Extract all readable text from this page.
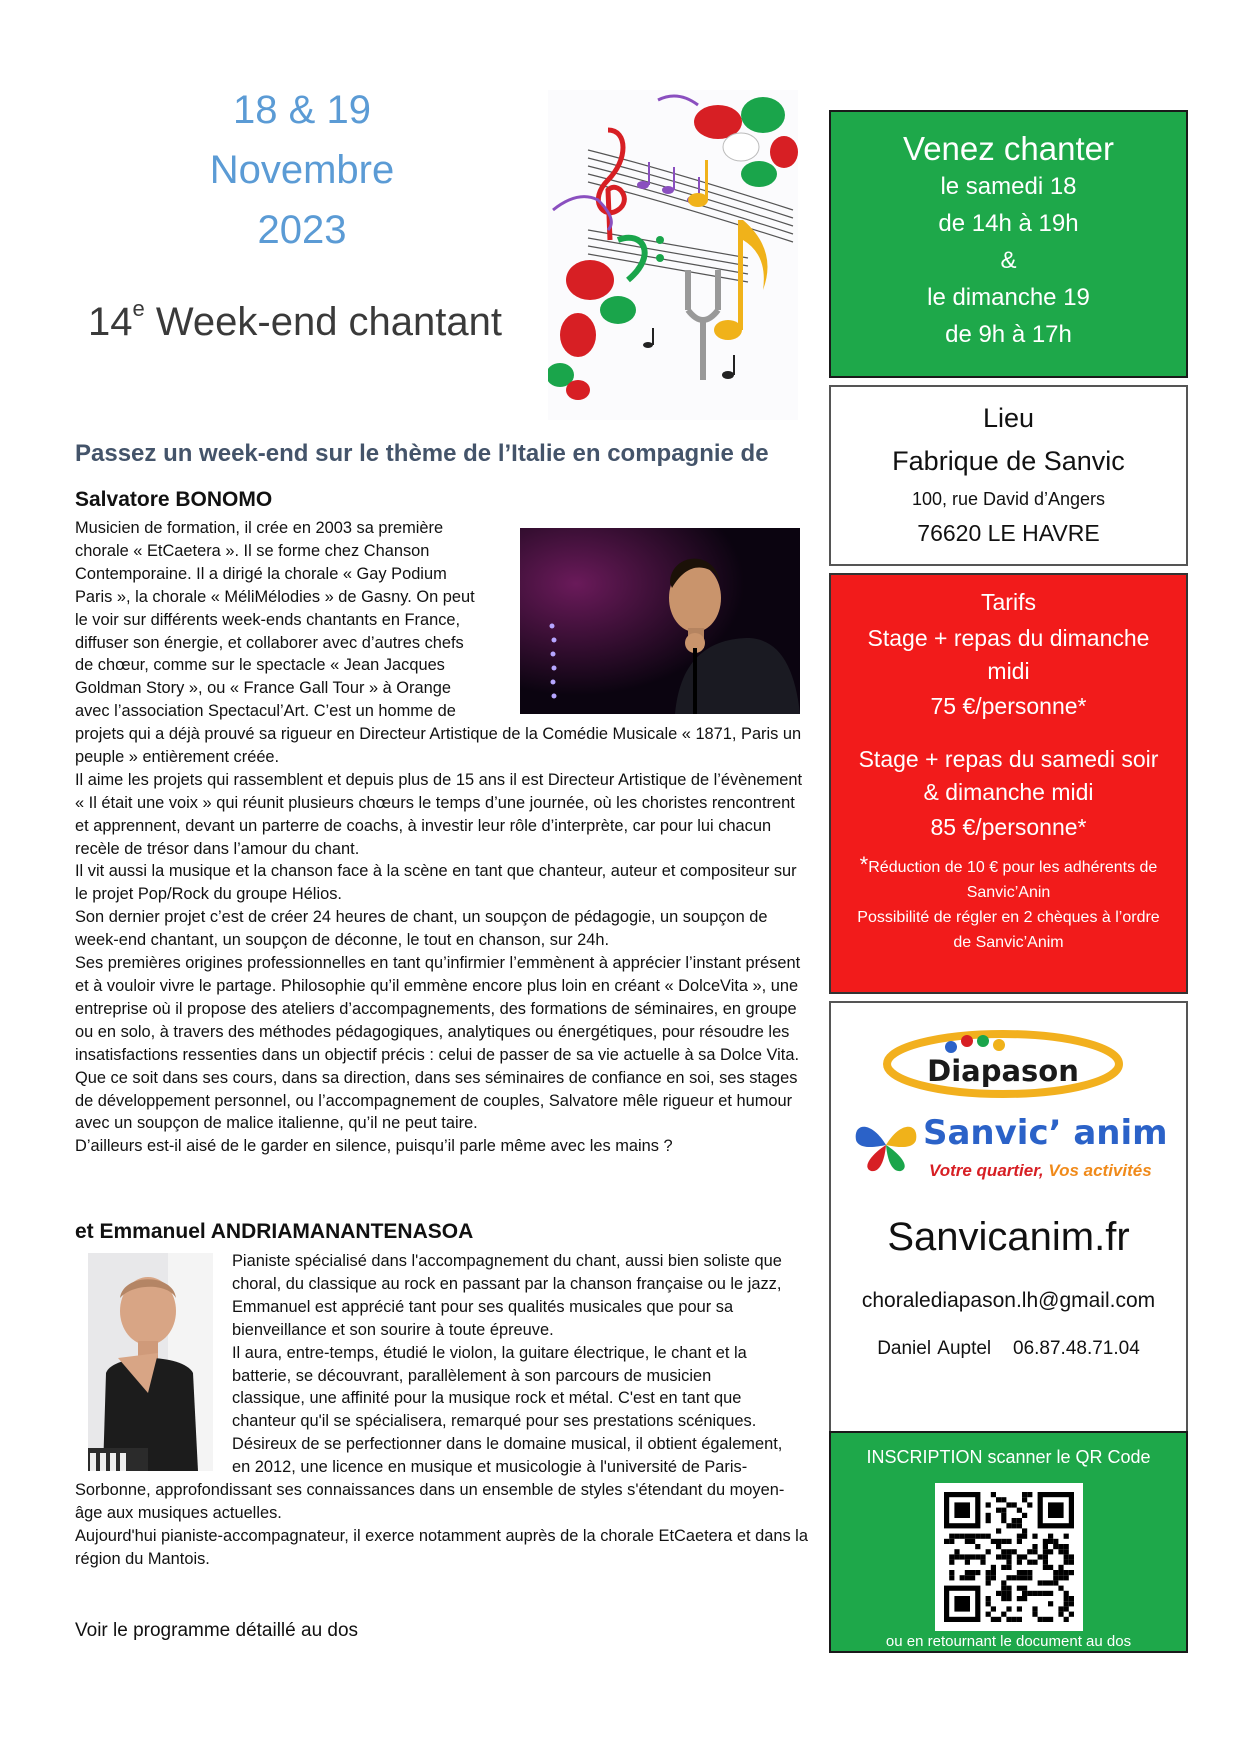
18 & 19
Novembre
2023
14e Week-end chantant
Passez un week-end sur le thème de l’Italie en compagnie de
Salvatore BONOMO
Musicien de formation, il crée en 2003 sa première
chorale « EtCaetera ». Il se forme chez Chanson
Contemporaine. Il a dirigé la chorale « Gay Podium
Paris », la chorale « MéliMélodies » de Gasny. On peut
le voir sur différents week-ends chantants en France,
diffuser son énergie, et collaborer avec d’autres chefs
de chœur, comme sur le spectacle « Jean Jacques
Goldman Story », ou « France Gall Tour » à Orange
avec l’association Spectacul’Art. C’est un homme de

projets qui a déjà prouvé sa rigueur en Directeur Artistique de la Comédie Musicale « 1871, Paris un peuple » entièrement créée.

Il aime les projets qui rassemblent et depuis plus de 15 ans il est Directeur Artistique de l’évènement « Il était une voix » qui réunit plusieurs chœurs le temps d’une journée, où les choristes rencontrent et apprennent, devant un parterre de coachs, à investir leur rôle d’interprète, car pour lui chacun recèle de trésor dans l’amour du chant.

Il vit aussi la musique et la chanson face à la scène en tant que chanteur, auteur et compositeur sur le projet Pop/Rock du groupe Hélios.

Son dernier projet c’est de créer 24 heures de chant, un soupçon de pédagogie, un soupçon de week-end chantant, un soupçon de déconne, le tout en chanson, sur 24h.

Ses premières origines professionnelles en tant qu’infirmier l’emmènent à apprécier l’instant présent et à vouloir vivre le partage. Philosophie qu’il emmène encore plus loin en créant « DolceVita », une entreprise où il propose des ateliers d’accompagnements, des formations de séminaires, en groupe ou en solo, à travers des méthodes pédagogiques, analytiques ou énergétiques, pour résoudre les insatisfactions ressenties dans un objectif précis : celui de passer de sa vie actuelle à sa Dolce Vita. Que ce soit dans ses cours, dans sa direction, dans ses séminaires de confiance en soi, ses stages de développement personnel, ou l’accompagnement de couples, Salvatore mêle rigueur et humour avec un soupçon de malice italienne, qu’il ne peut taire.

D’ailleurs est-il aisé de le garder en silence, puisqu’il parle même avec les mains ?

et Emmanuel ANDRIAMANANTENASOA
Pianiste spécialisé dans l'accompagnement du chant, aussi bien soliste que
choral, du classique au rock en passant par la chanson française ou le jazz,
Emmanuel est apprécié tant pour ses qualités musicales que pour sa
bienveillance et son sourire à toute épreuve.
Il aura, entre-temps, étudié le violon, la guitare électrique, le chant et la
batterie, se découvrant, parallèlement à son parcours de musicien
classique, une affinité pour la musique rock et métal. C'est en tant que
chanteur qu'il se spécialisera, remarqué pour ses prestations scéniques.
Désireux de se perfectionner dans le domaine musical, il obtient également,
en 2012, une licence en musique et musicologie à l'université de Paris-

Sorbonne, approfondissant ses connaissances dans un ensemble de styles s'étendant du moyen-âge aux musiques actuelles.

Aujourd'hui pianiste-accompagnateur, il exerce notamment auprès de la chorale EtCaetera et dans la région du Mantois.

Voir le programme détaillé au dos
Venez chanter
le samedi 18
de 14h à 19h
&
le dimanche 19
de 9h à 17h
Lieu
Fabrique de Sanvic
100, rue David d’Angers
76620 LE HAVRE
Tarifs
Stage + repas du dimanche
midi
75 €/personne*
Stage + repas du samedi soir
& dimanche midi
85 €/personne*
*Réduction de 10 € pour les adhérents de
Sanvic’Anin
Possibilité de régler en 2 chèques à l’ordre
de Sanvic’Anim
Diapason
Sanvic’ anim
Votre quartier, Vos activités
Sanvicanim.fr
choralediapason.lh@gmail.com
Daniel Auptel 06.87.48.71.04
INSCRIPTION scanner le QR Code
ou en retournant le document au dos
